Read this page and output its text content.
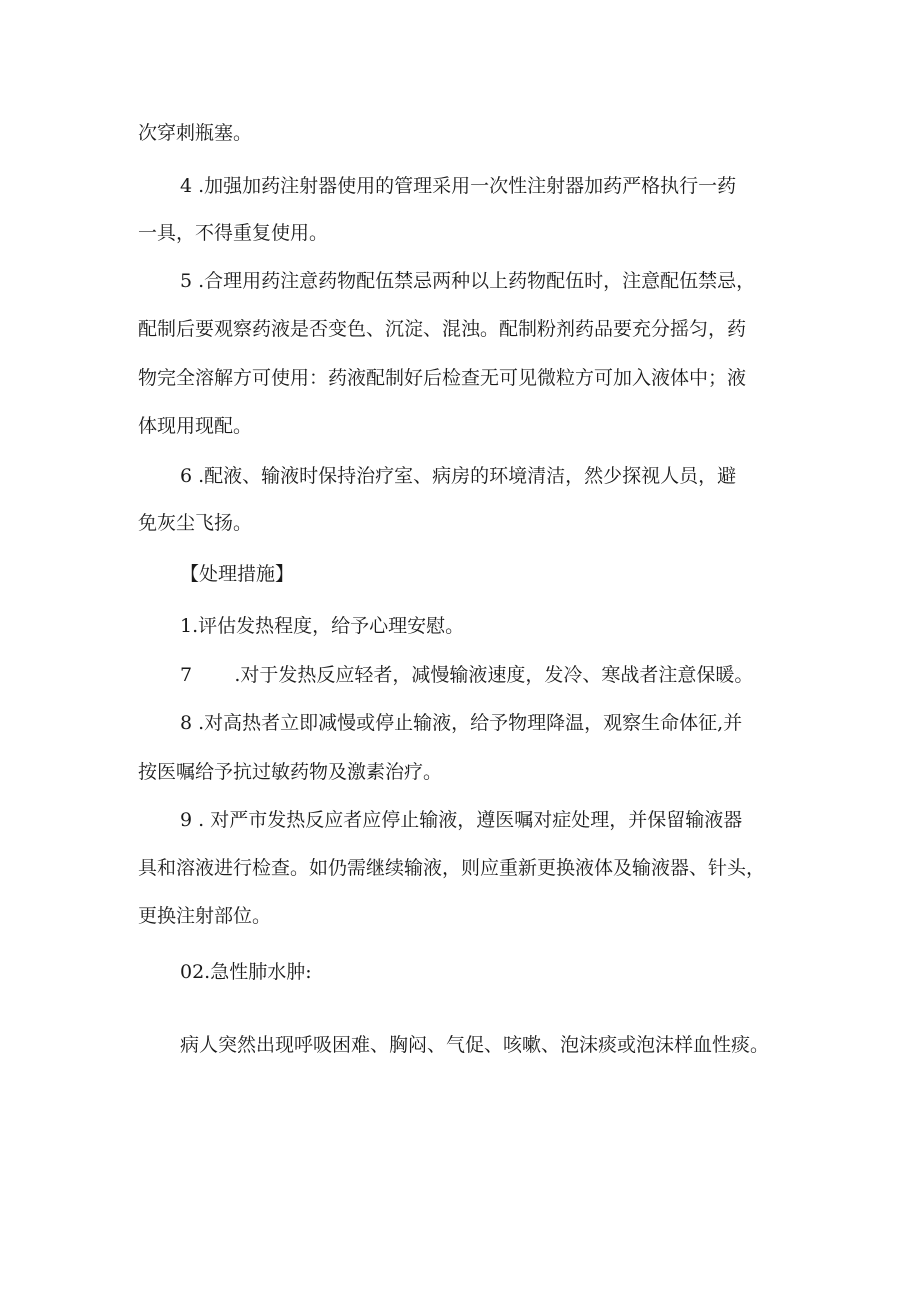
次穿刺瓶塞。

4 .加强加药注射器使用的管理采用一次性注射器加药严格执行一药

一具，不得重复使用。

5 .合理用药注意药物配伍禁忌两种以上药物配伍时，注意配伍禁忌，

配制后要观察药液是否变色、沉淀、混浊。配制粉剂药品要充分摇匀，药

物完全溶解方可使用：药液配制好后检查无可见微粒方可加入液体中；液

体现用现配。

6 .配液、输液时保持治疗室、病房的环境清洁，然少探视人员，避

免灰尘飞扬。

【处理措施】

1.评估发热程度，给予心理安慰。

7       .对于发热反应轻者，减慢输液速度，发冷、寒战者注意保暖。

8 .对高热者立即减慢或停止输液，给予物理降温，观察生命体征,并

按医嘱给予抗过敏药物及激素治疗。

9 . 对严市发热反应者应停止输液，遵医嘱对症处理，并保留输液器

具和溶液进行检查。如仍需继续输液，则应重新更换液体及输液器、针头，

更换注射部位。

02.急性肺水肿:

病人突然出现呼吸困难、胸闷、气促、咳嗽、泡沫痰或泡沫样血性痰。
